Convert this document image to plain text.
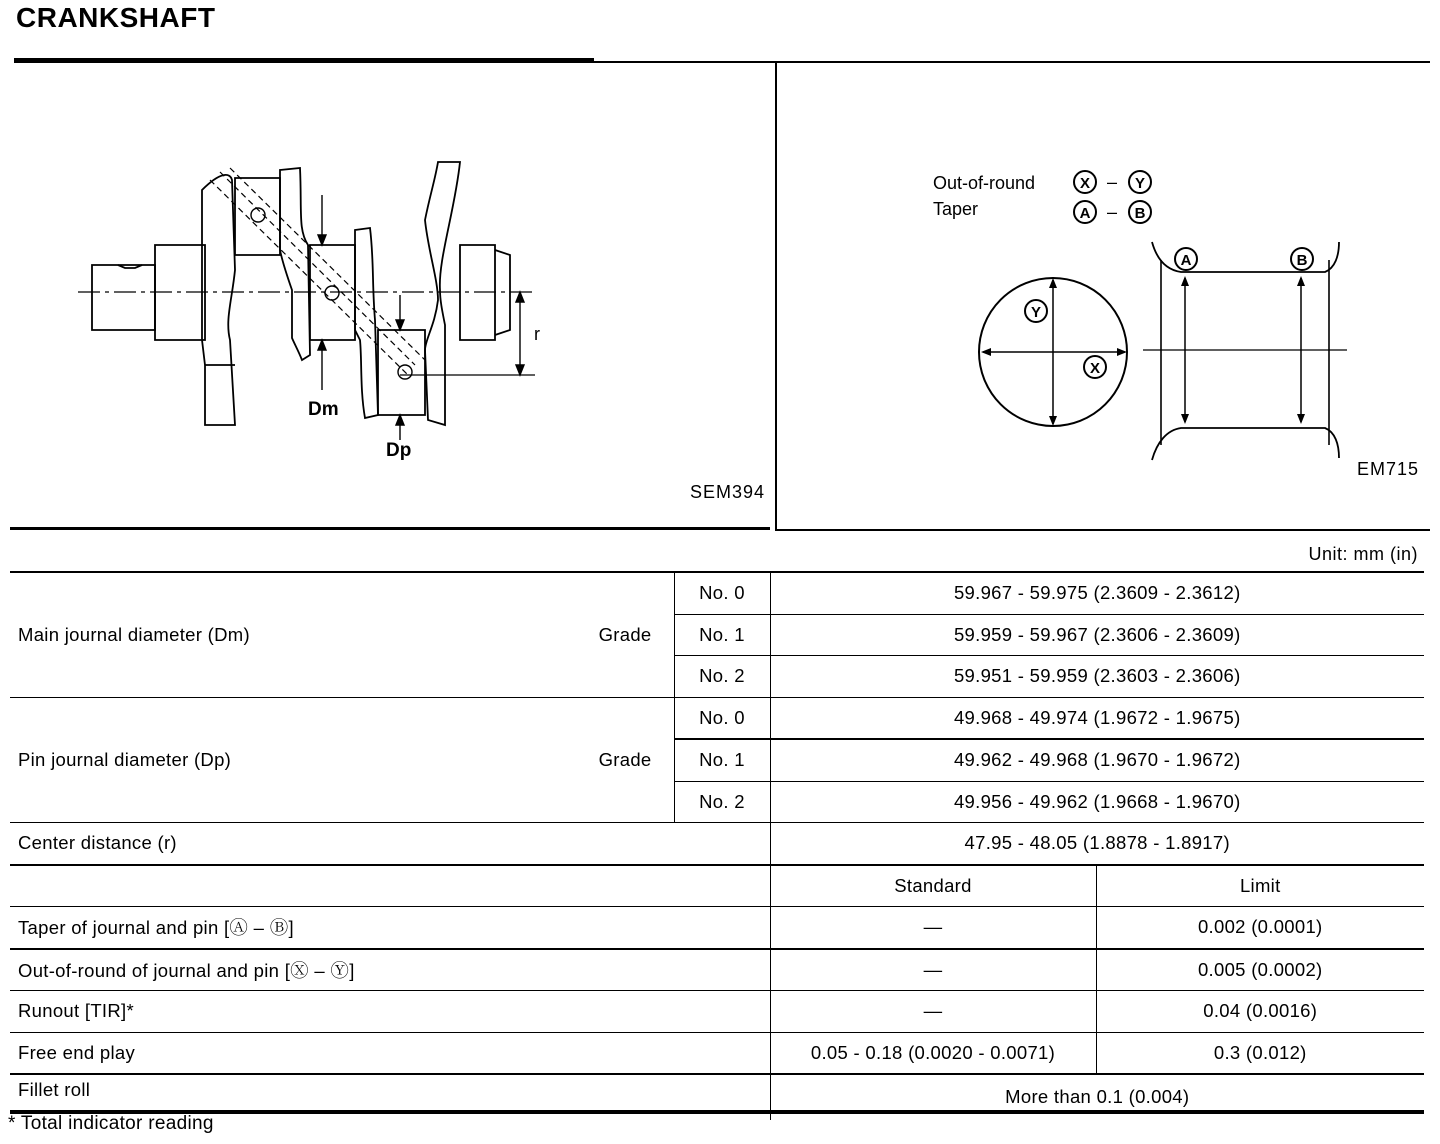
CRANKSHAFT
Dm
Dp
r
SEM394
Out-of-round
Taper
X – Y
A – B
Y
X
A	B
EM715
Unit: mm (in)
Main journal diameter (Dm)	Grade	No. 0	59.967 - 59.975 (2.3609 - 2.3612)	
		No. 1	59.959 - 59.967 (2.3606 - 2.3609)	
		No. 2	59.951 - 59.959 (2.3603 - 2.3606)	
Pin journal diameter (Dp)	Grade	No. 0	49.968 - 49.974 (1.9672 - 1.9675)	
		No. 1	49.962 - 49.968 (1.9670 - 1.9672)	
		No. 2	49.956 - 49.962 (1.9668 - 1.9670)	
Center distance (r)			47.95 - 48.05 (1.8878 - 1.8917)	
			Standard	Limit
Taper of journal and pin [Ⓐ – Ⓑ]			—	0.002 (0.0001)
Out-of-round of journal and pin [Ⓧ – Ⓨ]			—	0.005 (0.0002)
Runout [TIR]*			—	0.04 (0.0016)
Free end play			0.05 - 0.18 (0.0020 - 0.0071)	0.3 (0.012)
Fillet roll			More than 0.1 (0.004)	
* Total indicator reading
